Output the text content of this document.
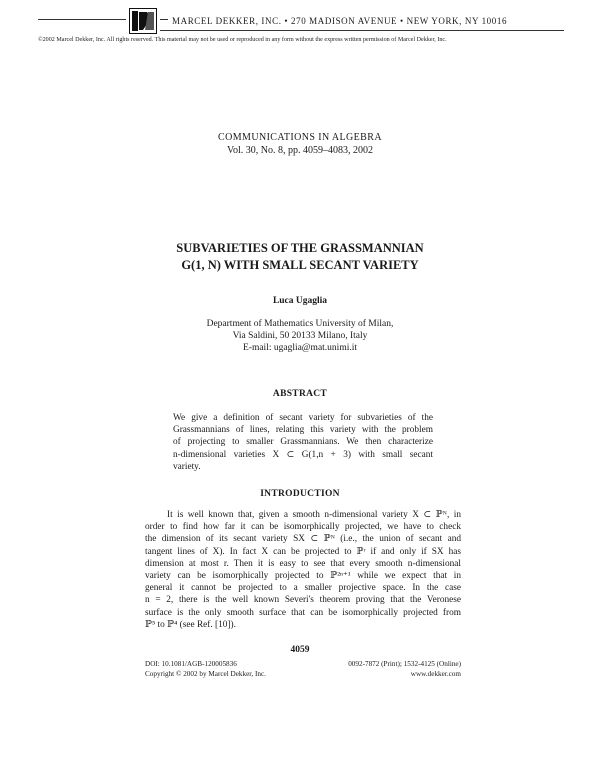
MARCEL DEKKER, INC. • 270 MADISON AVENUE • NEW YORK, NY 10016
©2002 Marcel Dekker, Inc. All rights reserved. This material may not be used or reproduced in any form without the express written permission of Marcel Dekker, Inc.
COMMUNICATIONS IN ALGEBRA
Vol. 30, No. 8, pp. 4059–4083, 2002
SUBVARIETIES OF THE GRASSMANNIAN
G(1, N) WITH SMALL SECANT VARIETY
Luca Ugaglia
Department of Mathematics University of Milan,
Via Saldini, 50 20133 Milano, Italy
E-mail: ugaglia@mat.unimi.it
ABSTRACT
We give a definition of secant variety for subvarieties of the
Grassmannians of lines, relating this variety with the problem
of projecting to smaller Grassmannians. We then characterize
n-dimensional varieties X ⊂ G(1,n + 3) with small secant
variety.
INTRODUCTION
It is well known that, given a smooth n-dimensional variety X ⊂ ℙᴺ, in
order to find how far it can be isomorphically projected, we have to check
the dimension of its secant variety SX ⊂ ℙᴺ (i.e., the union of secant and
tangent lines of X). In fact X can be projected to ℙʳ if and only if SX has
dimension at most r. Then it is easy to see that every smooth n-dimensional
variety can be isomorphically projected to ℙ²ⁿ⁺¹ while we expect that in
general it cannot be projected to a smaller projective space. In the case
n = 2, there is the well known Severi's theorem proving that the Veronese
surface is the only smooth surface that can be isomorphically projected from
ℙ⁵ to ℙ⁴ (see Ref. [10]).
4059
DOI: 10.1081/AGB-120005836
Copyright © 2002 by Marcel Dekker, Inc.
0092-7872 (Print); 1532-4125 (Online)
www.dekker.com
